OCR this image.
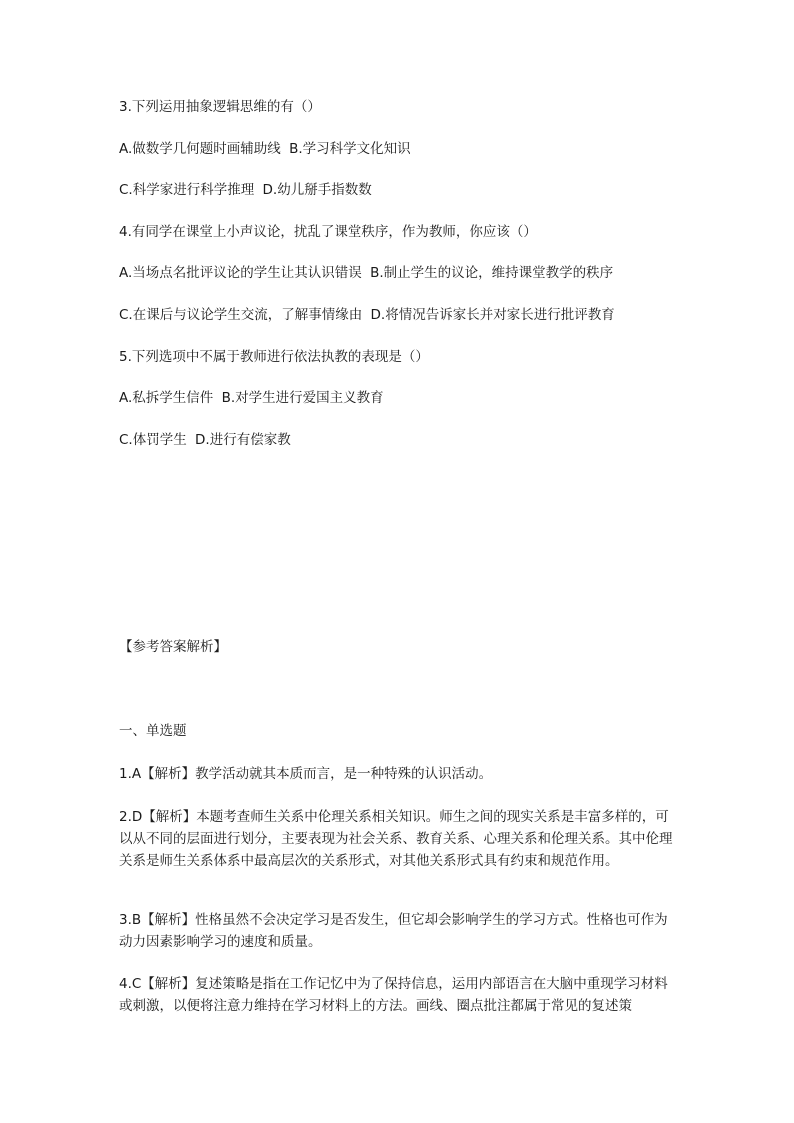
3.下列运用抽象逻辑思维的有（）
A.做数学几何题时画辅助线 B.学习科学文化知识
C.科学家进行科学推理 D.幼儿掰手指数数
4.有同学在课堂上小声议论，扰乱了课堂秩序，作为教师，你应该（）
A.当场点名批评议论的学生让其认识错误 B.制止学生的议论，维持课堂教学的秩序
C.在课后与议论学生交流，了解事情缘由 D.将情况告诉家长并对家长进行批评教育
5.下列选项中不属于教师进行依法执教的表现是（）
A.私拆学生信件 B.对学生进行爱国主义教育
C.体罚学生 D.进行有偿家教
【参考答案解析】
一、单选题
1.A【解析】教学活动就其本质而言，是一种特殊的认识活动。
2.D【解析】本题考查师生关系中伦理关系相关知识。师生之间的现实关系是丰富多样的，可以从不同的层面进行划分，主要表现为社会关系、教育关系、心理关系和伦理关系。其中伦理关系是师生关系体系中最高层次的关系形式，对其他关系形式具有约束和规范作用。
3.B【解析】性格虽然不会决定学习是否发生，但它却会影响学生的学习方式。性格也可作为动力因素影响学习的速度和质量。
4.C【解析】复述策略是指在工作记忆中为了保持信息，运用内部语言在大脑中重现学习材料或刺激，以便将注意力维持在学习材料上的方法。画线、圈点批注都属于常见的复述策
